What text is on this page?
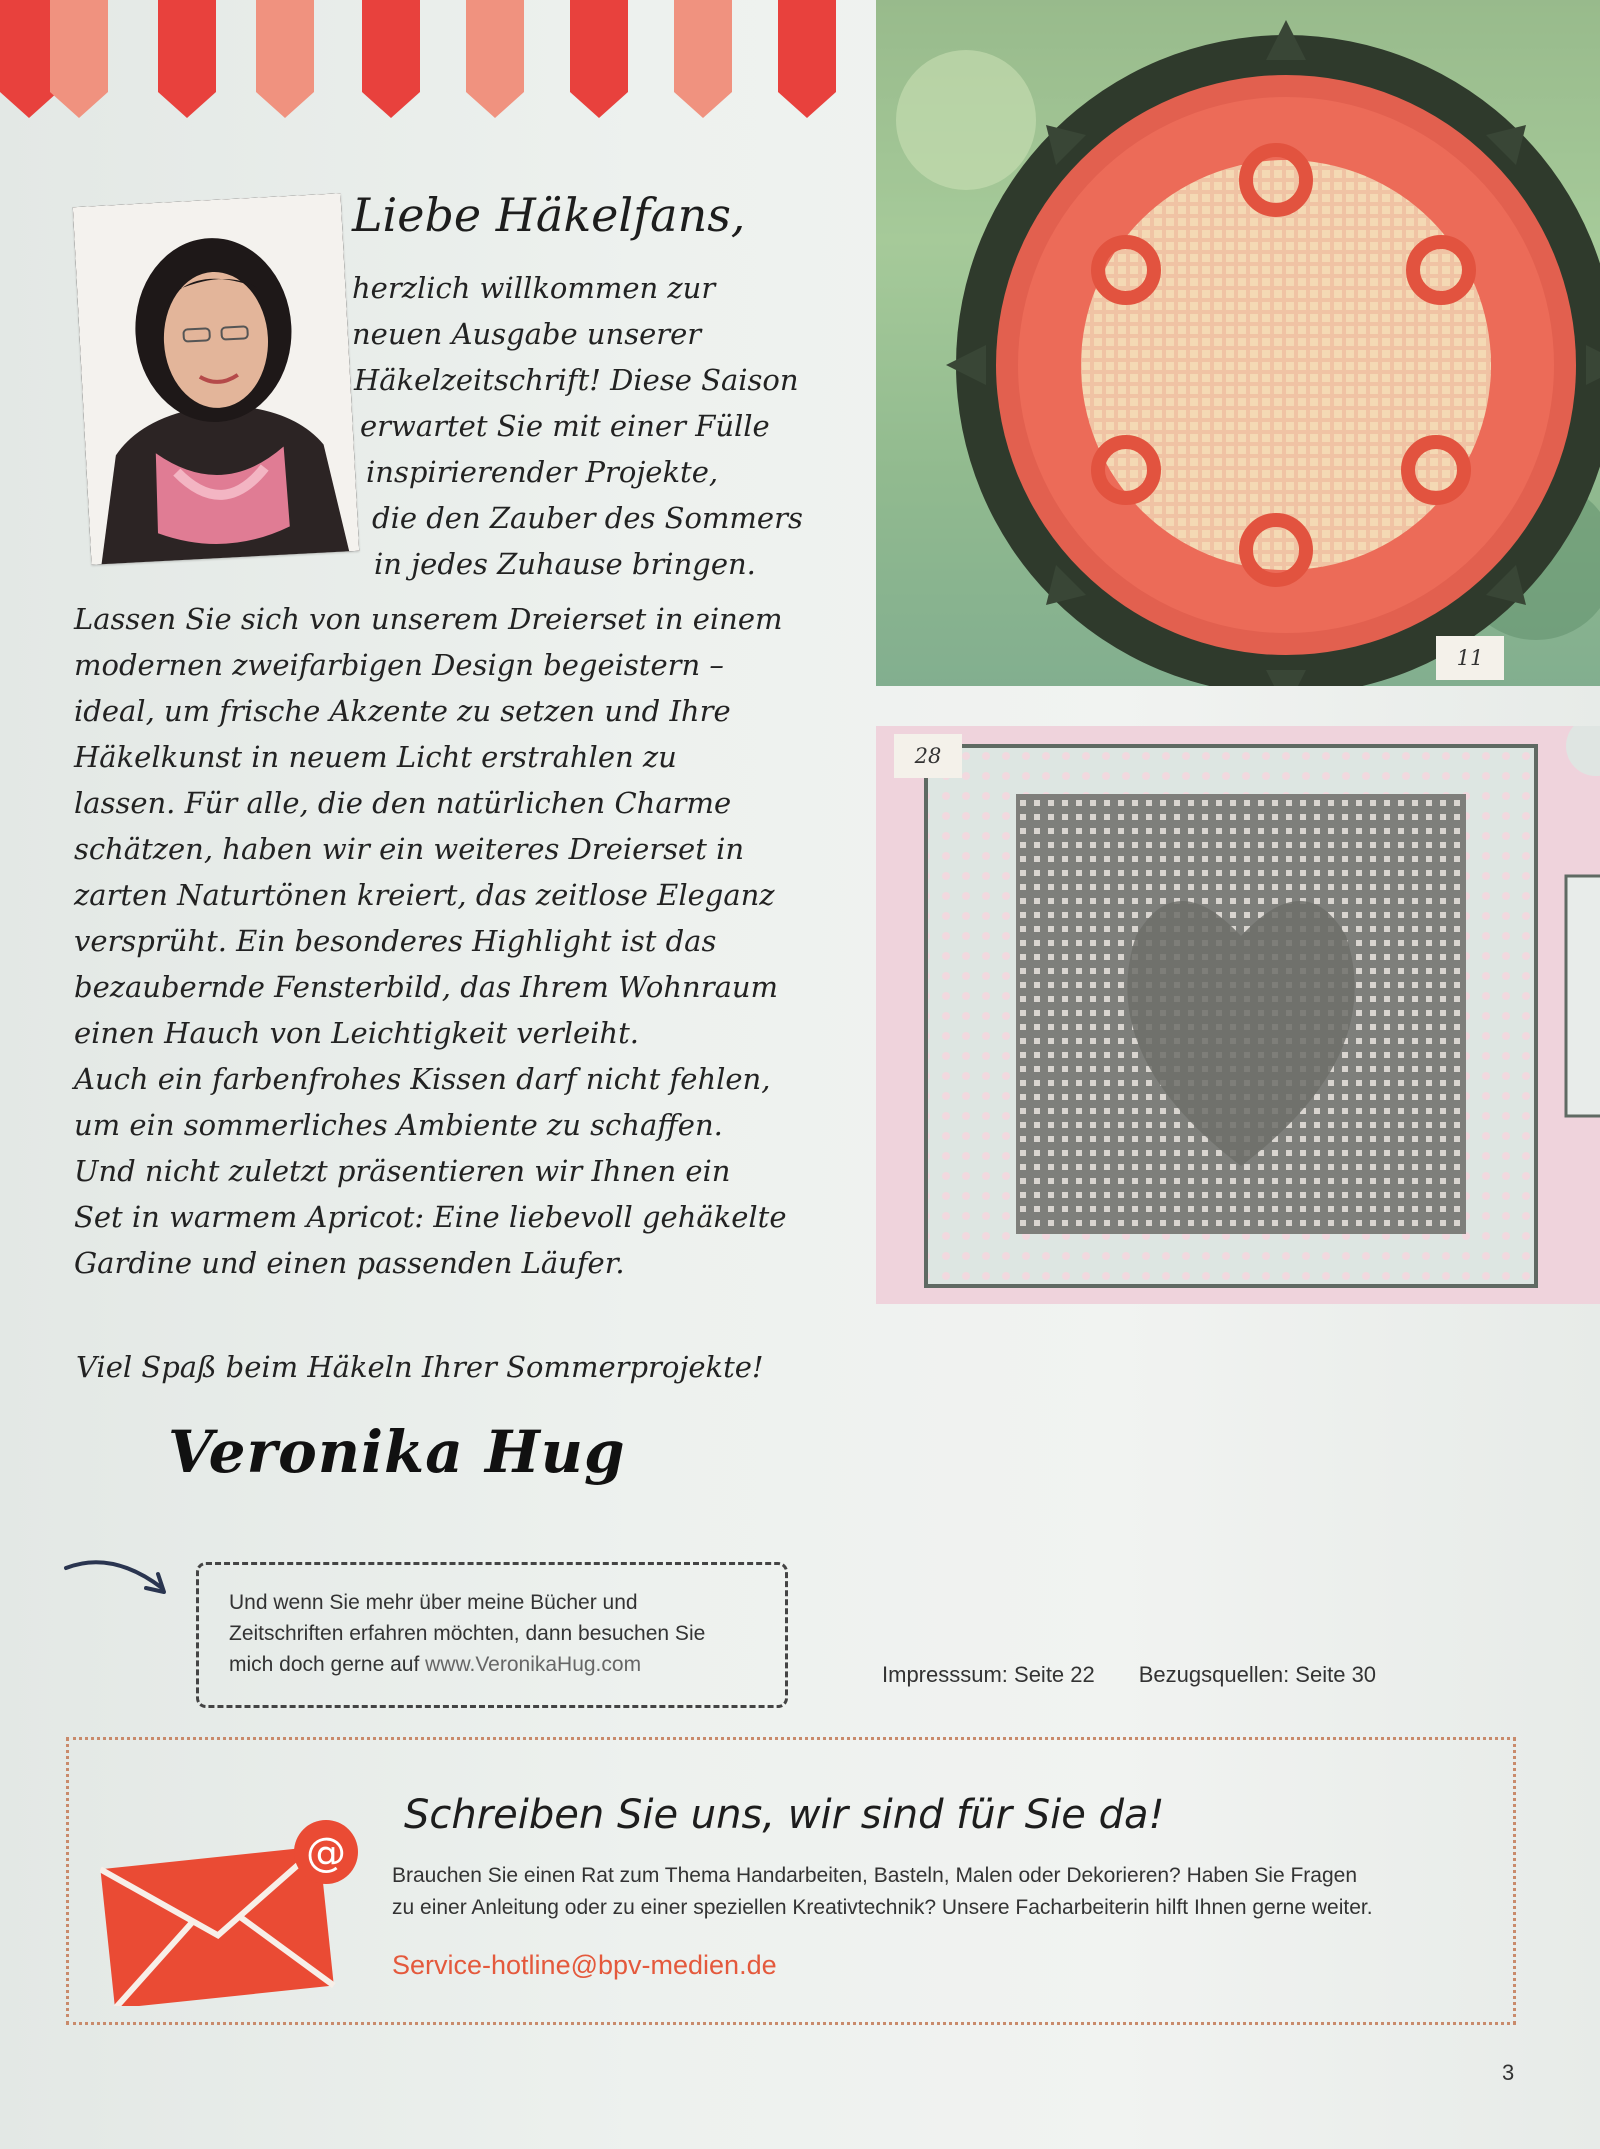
Liebe Häkelfans,
herzlich willkommen zur
neuen Ausgabe unserer
Häkelzeitschrift! Diese Saison
erwartet Sie mit einer Fülle
inspirierender Projekte,
die den Zauber des Sommers
in jedes Zuhause bringen.
Lassen Sie sich von unserem Dreierset in einem
modernen zweifarbigen Design begeistern –
ideal, um frische Akzente zu setzen und Ihre
Häkelkunst in neuem Licht erstrahlen zu
lassen. Für alle, die den natürlichen Charme
schätzen, haben wir ein weiteres Dreierset in
zarten Naturtönen kreiert, das zeitlose Eleganz
versprüht. Ein besonderes Highlight ist das
bezaubernde Fensterbild, das Ihrem Wohnraum
einen Hauch von Leichtigkeit verleiht.
Auch ein farbenfrohes Kissen darf nicht fehlen,
um ein sommerliches Ambiente zu schaffen.
Und nicht zuletzt präsentieren wir Ihnen ein
Set in warmem Apricot: Eine liebevoll gehäkelte
Gardine und einen passenden Läufer.
Viel Spaß beim Häkeln Ihrer Sommerprojekte!
Veronika Hug
Und wenn Sie mehr über meine Bücher und Zeitschriften erfahren möchten, dann besuchen Sie mich doch gerne auf www.VeronikaHug.com	Impresssum: Seite 22 Bezugsquellen: Seite 30
@
Schreiben Sie uns, wir sind für Sie da!
Brauchen Sie einen Rat zum Thema Handarbeiten, Basteln, Malen oder Dekorieren? Haben Sie Fragen
zu einer Anleitung oder zu einer speziellen Kreativtechnik? Unsere Facharbeiterin hilft Ihnen gerne weiter.
Service-hotline@bpv-medien.de
3
11
28
